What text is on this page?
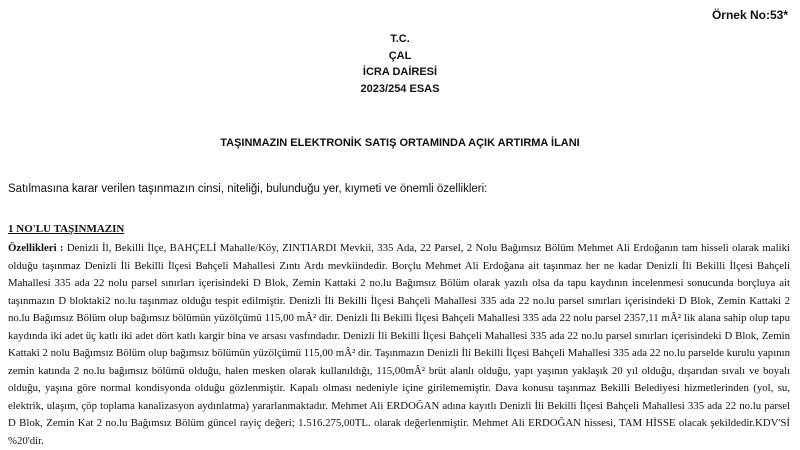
Örnek No:53*
T.C.
ÇAL
İCRA DAİRESİ
2023/254 ESAS
TAŞINMAZIN ELEKTRONİK SATIŞ ORTAMINDA AÇIK ARTIRMA İLANI
Satılmasına karar verilen taşınmazın cinsi, niteliği, bulunduğu yer, kıymeti ve önemli özellikleri:
1 NO'LU TAŞINMAZIN

Özellikleri : Denizli İl, Bekilli İlçe, BAHÇELİ Mahalle/Köy, ZINTIARDI Mevkii, 335 Ada, 22 Parsel, 2 Nolu Bağımsız Bölüm Mehmet Ali Erdoğanın tam hisseli olarak maliki olduğu taşınmaz Denizli İli Bekilli İlçesi Bahçeli Mahallesi Zıntı Ardı mevkiindedir. Borçlu Mehmet Ali Erdoğana ait taşınmaz her ne kadar Denizli İli Bekilli İlçesi Bahçeli Mahallesi 335 ada 22 nolu parsel sınırları içerisindeki D Blok, Zemin Kattaki 2 no.lu Bağımsız Bölüm olarak yazılı olsa da tapu kaydının incelenmesi sonucunda borçluya ait taşınmazın D bloktaki2 no.lu taşınmaz olduğu tespit edilmiştir. Denizli İli Bekilli İlçesi Bahçeli Mahallesi 335 ada 22 no.lu parsel sınırları içerisindeki D Blok, Zemin Kattaki 2 no.lu Bağımsız Bölüm olup bağımsız bölümün yüzölçümü 115,00 mÂ² dir. Denizli İli Bekilli İlçesi Bahçeli Mahallesi 335 ada 22 nolu parsel 2357,11 mÂ² lik alana sahip olup tapu kaydında iki adet üç katlı iki adet dört katlı kargir bina ve arsası vasfındadır. Denizli İli Bekilli İlçesi Bahçeli Mahallesi 335 ada 22 no.lu parsel sınırları içerisindeki D Blok, Zemin Kattaki 2 nolu Bağımsız Bölüm olup bağımsız bölümün yüzölçümü 115,00 mÂ² dir. Taşınmazın Denizli İli Bekilli İlçesi Bahçeli Mahallesi 335 ada 22 no.lu parselde kurulu yapının zemin katında 2 no.lu bağımsız bölümü olduğu, halen mesken olarak kullanıldığı, 115,00mÂ² brüt alanlı olduğu, yapı yaşının yaklaşık 20 yıl olduğu, dışarıdan sıvalı ve boyalı olduğu, yaşına göre normal kondisyonda olduğu gözlenmiştir. Kapalı olması nedeniyle içine girilememiştir. Dava konusu taşınmaz Bekilli Belediyesi hizmetlerinden (yol, su, elektrik, ulaşım, çöp toplama kanalizasyon aydınlatma) yararlanmaktadır. Mehmet Ali ERDOĞAN adına kayıtlı Denizli İli Bekilli İlçesi Bahçeli Mahallesi 335 ada 22 no.lu parsel D Blok, Zemin Kat 2 no.lu Bağımsız Bölüm güncel rayiç değeri; 1.516.275,00TL. olarak değerlenmiştir. Mehmet Ali ERDOĞAN hissesi, TAM HİSSE olacak şekildedir.KDV'Sİ %20'dir.
